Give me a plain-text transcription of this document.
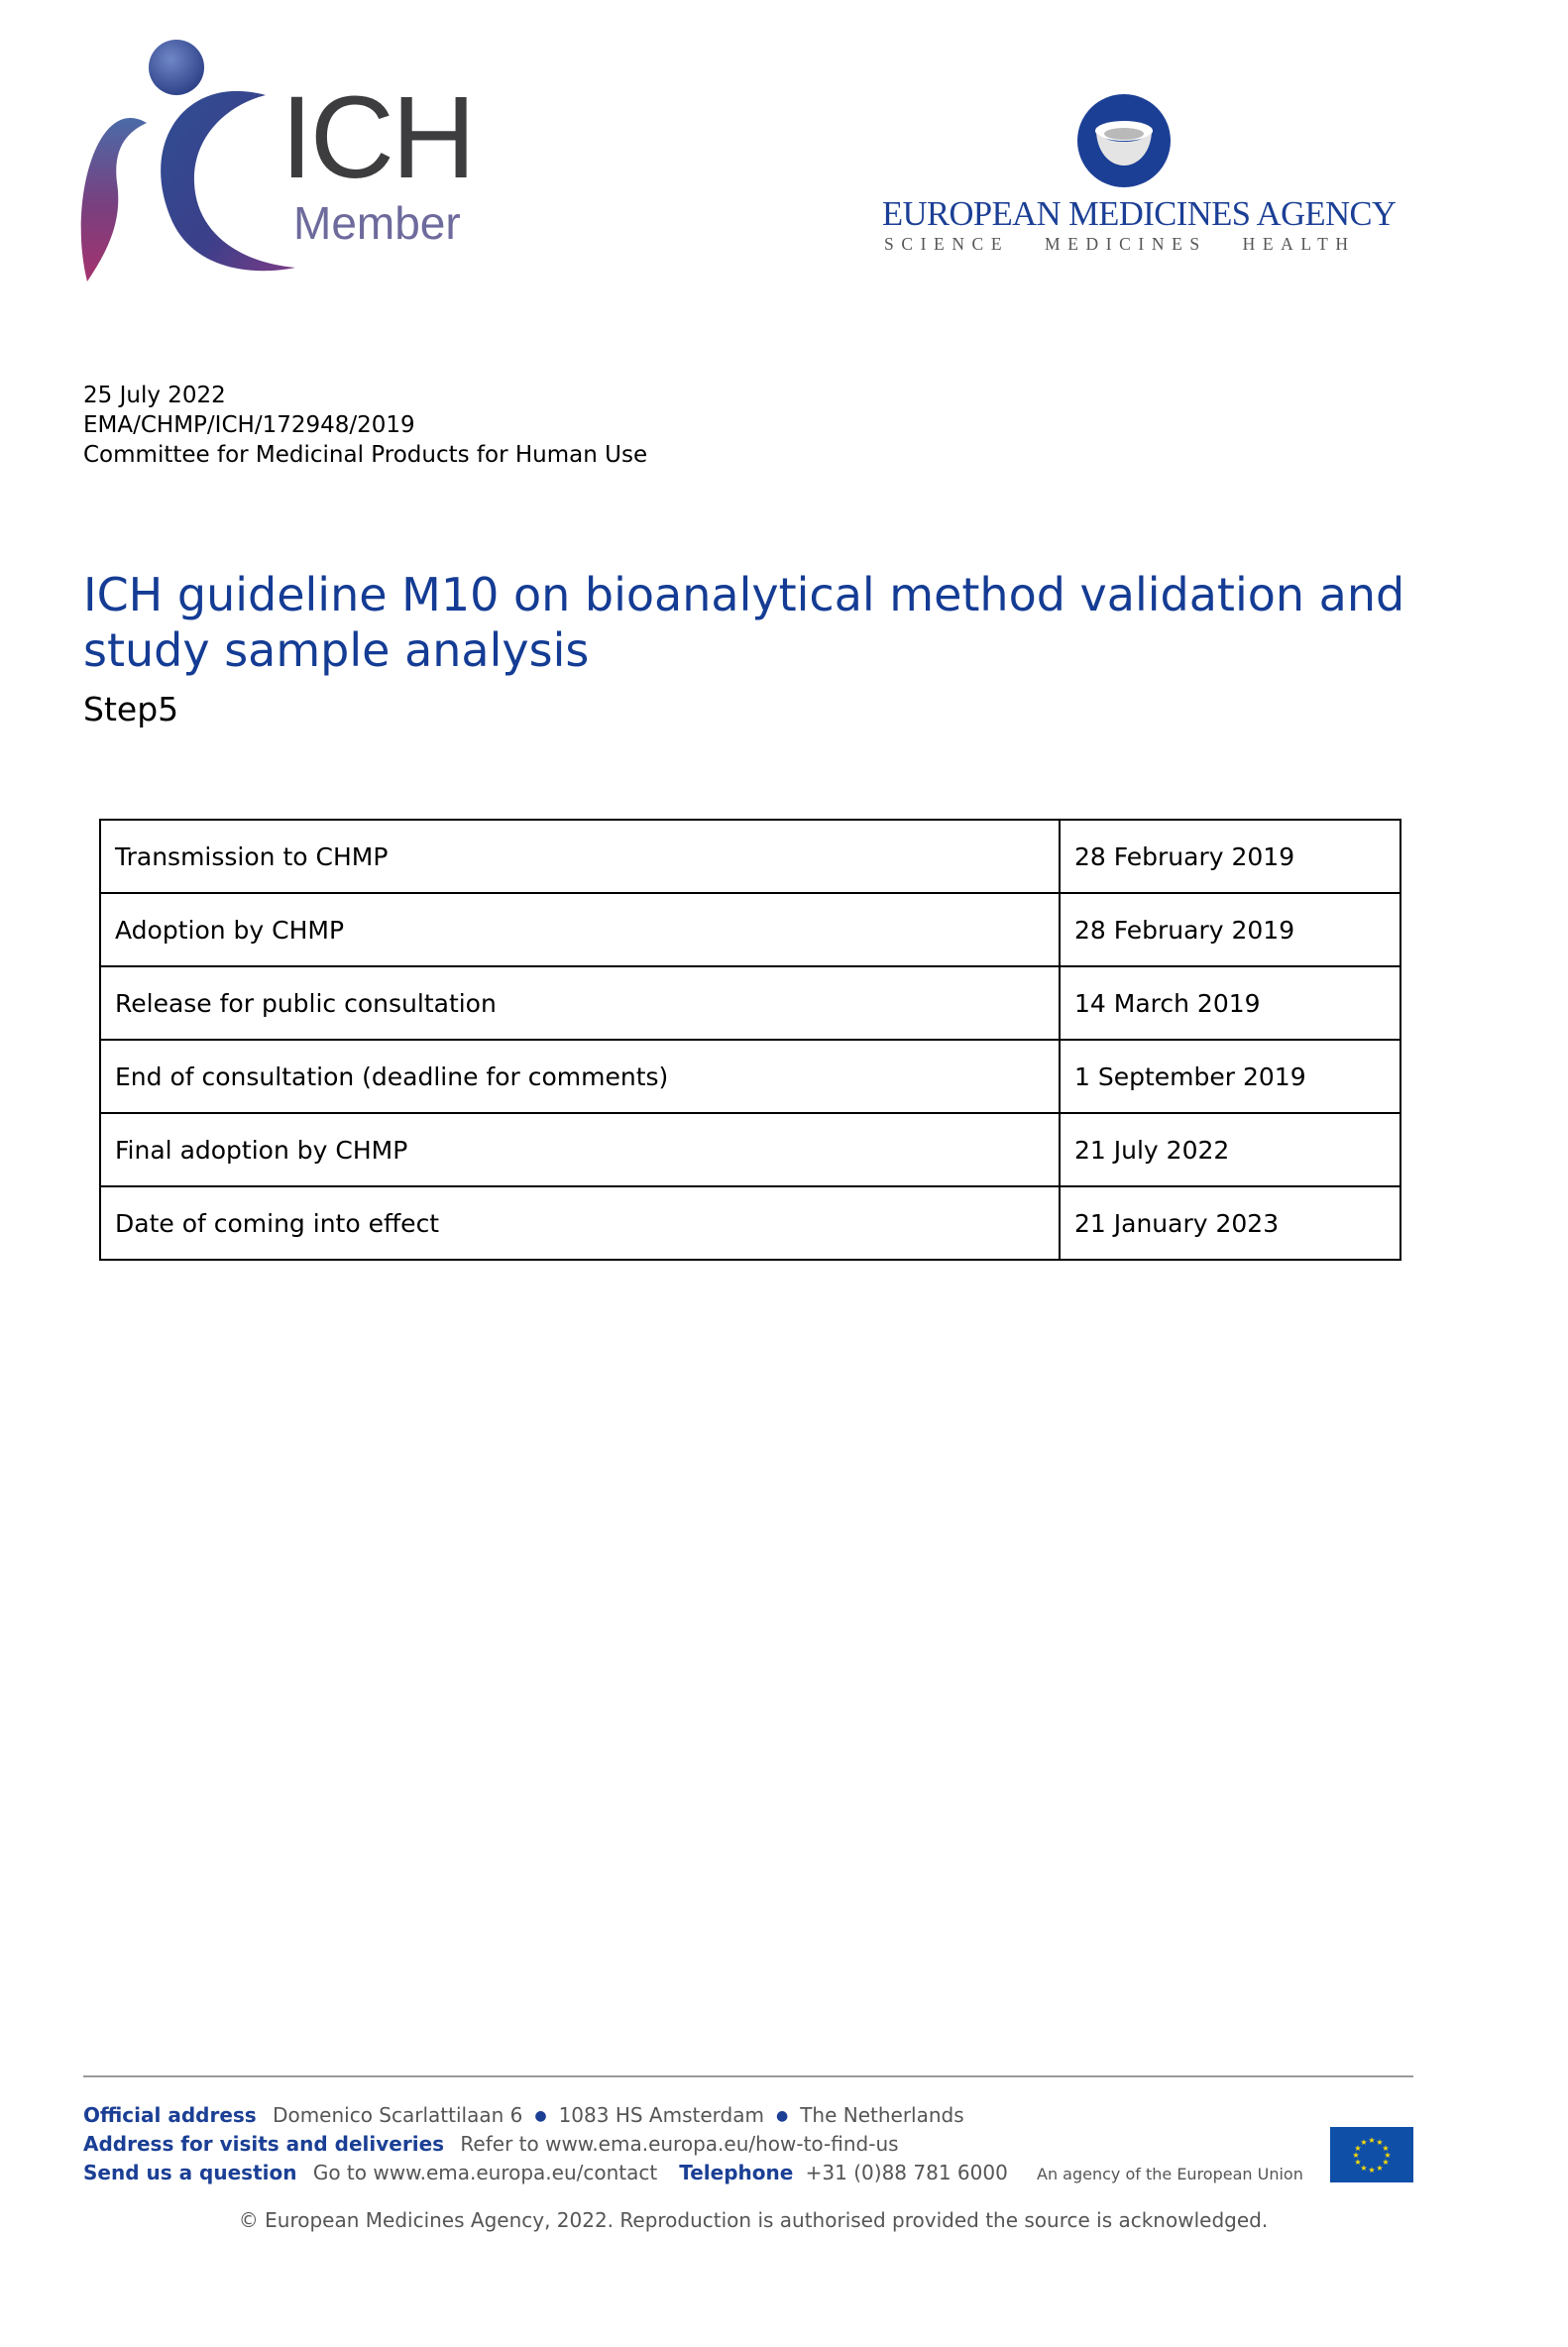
ICH
Member	EUROPEAN MEDICINES AGENCY
SCIENCE   MEDICINES   HEALTH
25 July 2022
EMA/CHMP/ICH/172948/2019
Committee for Medicinal Products for Human Use
ICH guideline M10 on bioanalytical method validation and study sample analysis
Step5
Transmission to CHMP	28 February 2019
Adoption by CHMP	28 February 2019
Release for public consultation	14 March 2019
End of consultation (deadline for comments)	1 September 2019
Final adoption by CHMP	21 July 2022
Date of coming into effect	21 January 2023
Official address Domenico Scarlattilaan 6 ● 1083 HS Amsterdam ● The Netherlands
Address for visits and deliveries Refer to www.ema.europa.eu/how-to-find-us
Send us a question Go to www.ema.europa.eu/contact Telephone +31 (0)88 781 6000 An agency of the European Union
★ ★
★
★
★
★
★
★
★
★
★
★
© European Medicines Agency, 2022. Reproduction is authorised provided the source is acknowledged.
